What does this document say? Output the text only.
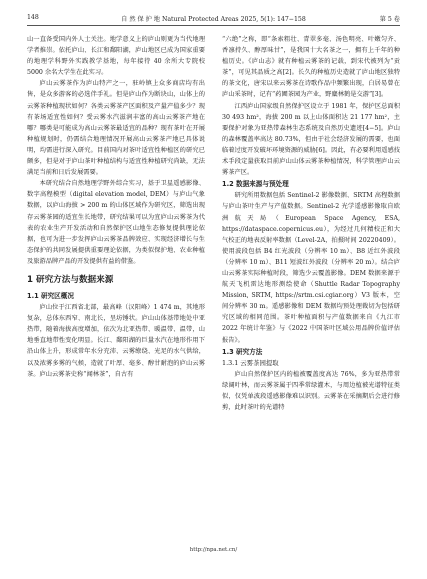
148	自 然 保 护 地 Natural Protected Areas 2025, 5(1): 147−158	第 5 卷

山一直备受国内外人士关注。地学意义上的庐山则更为当代地理学者推崇。依托庐山、长江和鄱阳湖，庐山地区已成为国家重要的地理学科野外实践教学基地，每年接待 40 余所大专院校 5000 余名大学生在此实习。

庐山云雾茶作为庐山特产之一，驻岭镇上众多商店均有出售，是众多游客的必选伴手礼。但是庐山作为断块山，山体上的云雾茶种植现状如何？各类云雾茶产区面积及产量产值多少？现有茶场适宜性如何？受云雾水汽滋润丰富的高山云雾茶产地在哪？哪类是可能成为高山云雾茶最适宜的品种？现有茶叶在开展种植规划时，仍需结合地理情况开展高山云雾茶产地已具体说明，均需进行深入研究。目前国内对茶叶适宜性种植区的研究已颇多，但是对于庐山茶叶种植结构与适宜性种植研究尚缺，无法满足当前和日后发展需要。

本研究结合自然地理学野外综合实习，基于卫星遥感影像、数字高程模型（digital elevation model, DEM）与庐山气象数据，以庐山海拔 > 200 m 的山体区域作为研究区，筛选出现存云雾茶园的适宜生长地带，研究结果可以为宜庐山云雾茶为代表的农业生产开发活动和自然保护区山地生态修复提供理论依据，也可为进一步发挥庐山云雾茶品牌效应、实现经济增长与生态保护的共同发展提供重要理论依据，为类似保护地、农业种植及旅游品牌产品的开发提供有益的借鉴。

1 研究方法与数据来源
1.1 研究区概况

庐山位于江西省北部，最高峰（汉阳峰）1 474 m，其地形复杂，总体东西窄、南北长，呈坊锤状。庐山山体基带地处中亚热带，随着海拔高度增加，依次为北亚热带、暖温带、温带，山地垂直地带性变化明显。长江、鄱阳湖的巨量水汽在地形作用下沿山体上升，形成常年水分充沛、云雾缭绕、光足的水气供给，以及浓雾多雾的气候，造就了叶厚、毫多、醇甘耐泡的庐山云雾茶。庐山云雾茶史称“闻林茶”，自古有

“六绝”之称，即“条索粗壮、青翠多毫、汤色明亮、叶嫩匀齐、香凛持久、醇厚味甘”，是我国十大名茶之一，拥有上千年的种植历史。《庐山志》就有种植云雾茶的记载，到宋代被列为“贡茶”，可见其品质之高[2]。长久的种植历史造就了庐山地区独特的茶文化，唐宋以来云雾茶在诗歌作品中频繁出现，白居易曾在庐山采茶时，记有“药圃茶园为产业，野麋林鹤是交游”[3]。

江西庐山国家级自然保护区设立于 1981 年，保护区总面积 30 493 hm²，海拔 200 m 以上山体面积达 21 177 hm²，主要保护对象为亚热带森林生态系统及自然历史遗迹[4−5]。庐山的森林覆盖率高达 80.73%，但由于社会经济发展的需要，也面临着过度开发破坏环境资源的威胁[6]。因此，有必要利用遥感技术手段定量获取目前庐山山体云雾茶种植情况，科学管理庐山云雾茶产区。

1.2 数据来源与预处理

研究所用数据包括 Sentinel-2 影像数据、SRTM 高程数据与庐山茶叶生产与产值数据。Sentinel-2 光学遥感影像取自欧洲航天局（European Space Agency, ESA, https://dataspace.copernicus.eu），为经过几何精校正和大气校正的地表反射率数据（Level-2A，拍摄时间 20220409）。使用波段包括 B4 红光波段（分辨率 10 m）、B8 近红外波段（分辨率 10 m）、B11 短波红外波段（分辨率 20 m）。结合庐山云雾茶实际种植时段，筛选少云覆盖影像。DEM 数据来源于航天飞机雷达地形测绘使命（Shuttle Radar Topography Mission, SRTM, https://srtm.csi.cgiar.org）V3 版本，空间分辨率 30 m。遥感影像和 DEM 数据均预处理裁切为包括研究区域的相同范围。茶叶种植面积与产值数据来自《九江市 2022 年统计年鉴》与《2022 中国茶叶区域公用品牌价值评估报告》。

1.3 研究方法
1.3.1 云雾茶园提取

庐山自然保护区内的植被覆盖度高达 76%，多为亚热带常绿阔叶林，而云雾茶属于四季常绿灌木，与周边植被光谱特征类似，仅凭单波段遥感影像难以识别。云雾茶在采摘期后会进行修剪，此时茶叶的光谱特

http://npa.net.cn/
